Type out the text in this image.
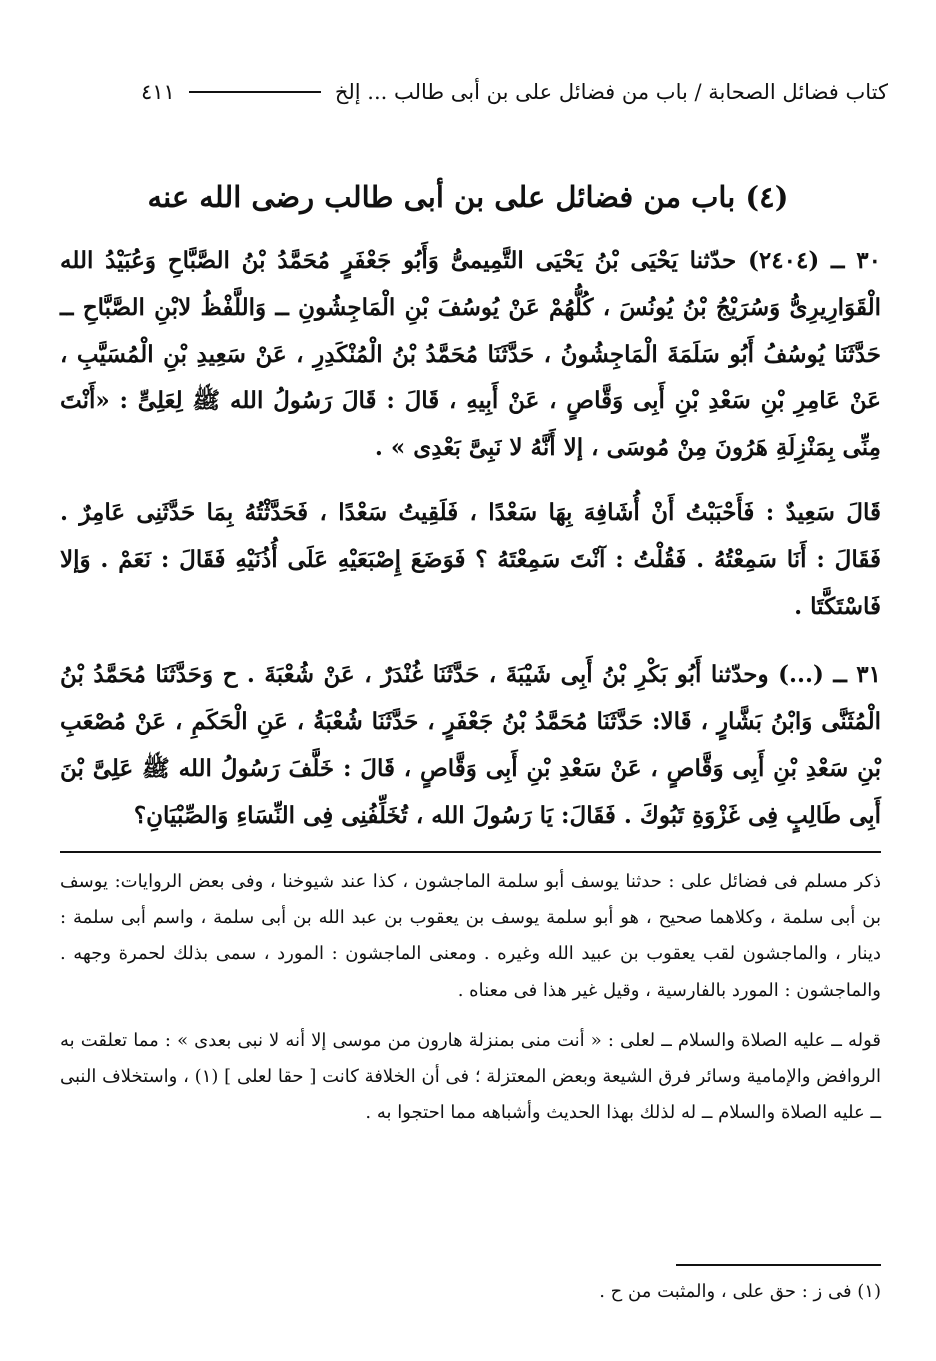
كتاب فضائل الصحابة / باب من فضائل على بن أبى طالب ... إلخ
٤١١
(٤) باب من فضائل على بن أبى طالب رضى الله عنه

٣٠ ــ (٢٤٠٤) حدّثنا يَحْيَى بْنُ يَحْيَى التَّمِيمىُّ وَأَبُو جَعْفَرٍ مُحَمَّدُ بْنُ الصَّبَّاحِ وَعُبَيْدُ الله الْقَوَارِيرِىُّ وَسُرَيْجُ بْنُ يُونُسَ ، كُلُّهُمْ عَنْ يُوسُفَ بْنِ الْمَاجِشُونِ ــ وَاللَّفْظُ لابْنِ الصَّبَّاحِ ــ حَدَّثَنَا يُوسُفُ أَبُو سَلَمَةَ الْمَاجِشُونُ ، حَدَّثَنَا مُحَمَّدُ بْنُ الْمُنْكَدِرِ ، عَنْ سَعِيدِ بْنِ الْمُسَيَّبِ ، عَنْ عَامِرِ بْنِ سَعْدِ بْنِ أَبِى وَقَّاصٍ ، عَنْ أَبِيهِ ، قَالَ : قَالَ رَسُولُ الله ﷺ لِعَلِىٍّ : «أَنْتَ مِنِّى بِمَنْزِلَةِ هَرُونَ مِنْ مُوسَى ، إلا أَنَّهُ لا نَبِىَّ بَعْدِى » .

قَالَ سَعِيدٌ : فَأَحْبَبْتُ أَنْ أُشَافِهَ بِهَا سَعْدًا ، فَلَقِيتُ سَعْدًا ، فَحَدَّثْتُهُ بِمَا حَدَّثَنِى عَامِرٌ . فَقَالَ : أَنَا سَمِعْتُهُ . فَقُلْتُ : آنْتَ سَمِعْتَهُ ؟ فَوَضَعَ إِصْبَعَيْهِ عَلَى أُذُنَيْهِ فَقَالَ : نَعَمْ . وَإلا فَاسْتَكَّتَا .

٣١ ــ (...) وحدّثنا أَبُو بَكْرِ بْنُ أَبِى شَيْبَةَ ، حَدَّثَنَا غُنْدَرٌ ، عَنْ شُعْبَةَ . ح وَحَدَّثَنَا مُحَمَّدُ بْنُ الْمُثَنَّى وَابْنُ بَشَّارٍ ، قَالا: حَدَّثَنَا مُحَمَّدُ بْنُ جَعْفَرٍ ، حَدَّثَنَا شُعْبَةُ ، عَنِ الْحَكَمِ ، عَنْ مُصْعَبِ بْنِ سَعْدِ بْنِ أَبِى وَقَّاصٍ ، عَنْ سَعْدِ بْنِ أَبِى وَقَّاصٍ ، قَالَ : خَلَّفَ رَسُولُ الله ﷺ عَلِىَّ بْنَ أَبِى طَالِبٍ فِى غَزْوَةِ تَبُوكَ . فَقَالَ: يَا رَسُولَ الله ، تُخَلِّفُنِى فِى النِّسَاءِ وَالصِّبْيَانِ؟

ذكر مسلم فى فضائل على : حدثنا يوسف أبو سلمة الماجشون ، كذا عند شيوخنا ، وفى بعض الروايات: يوسف بن أبى سلمة ، وكلاهما صحيح ، هو أبو سلمة يوسف بن يعقوب بن عبد الله بن أبى سلمة ، واسم أبى سلمة : دينار ، والماجشون لقب يعقوب بن عبيد الله وغيره . ومعنى الماجشون : المورد ، سمى بذلك لحمرة وجهه . والماجشون : المورد بالفارسية ، وقيل غير هذا فى معناه .

قوله ــ عليه الصلاة والسلام ــ لعلى : « أنت منى بمنزلة هارون من موسى إلا أنه لا نبى بعدى » : مما تعلقت به الروافض والإمامية وسائر فرق الشيعة وبعض المعتزلة ؛ فى أن الخلافة كانت [ حقا لعلى ] (١) ، واستخلاف النبى ــ عليه الصلاة والسلام ــ له لذلك بهذا الحديث وأشباهه مما احتجوا به .

(١) فى ز : حق على ، والمثبت من ح .
